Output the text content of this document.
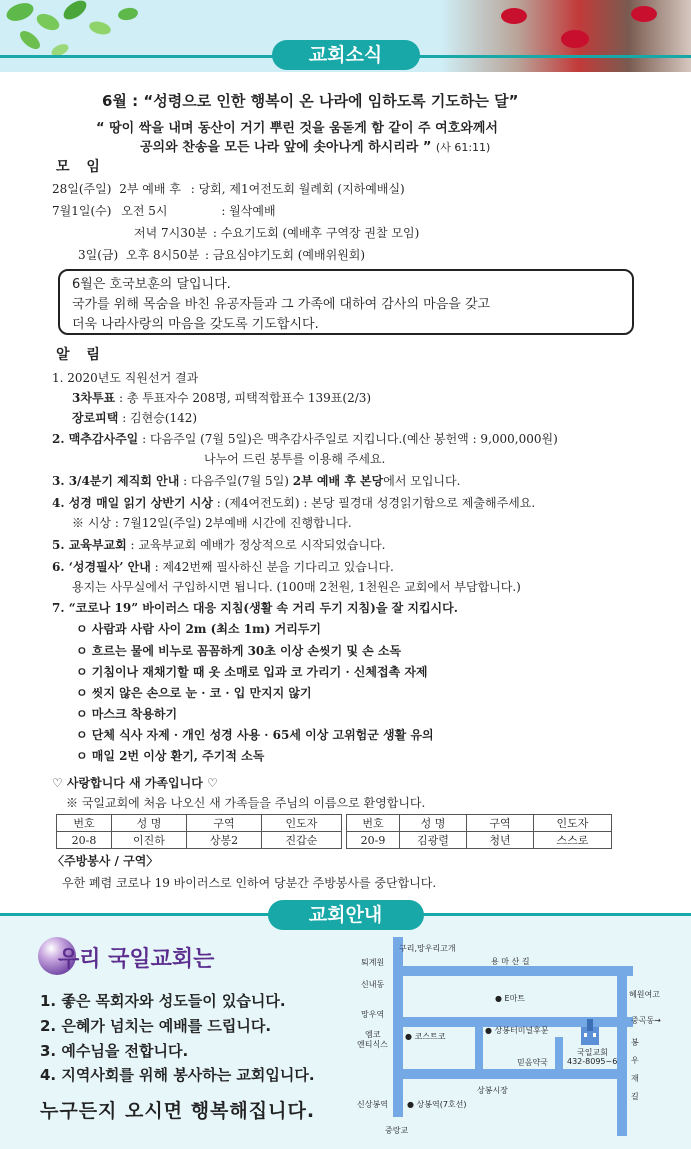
교회소식
6월 : “성령으로 인한 행복이 온 나라에 임하도록 기도하는 달”
“ 땅이 싹을 내며 동산이 거기 뿌린 것을 움돋게 함 같이 주 여호와께서
공의와 찬송을 모든 나라 앞에 솟아나게 하시리라 ” (사 61:11)
모 임
28일(주일) 2부 예배 후 : 당회, 제1여전도회 월례회 (지하예배실)
7월1일(수) 오전 5시	: 월삭예배
저녁 7시30분 : 수요기도회 (예배후 구역장 권찰 모임)
3일(금) 오후 8시50분 : 금요심야기도회 (예배위원회)
6월은 호국보훈의 달입니다.
국가를 위해 목숨을 바친 유공자들과 그 가족에 대하여 감사의 마음을 갖고
더욱 나라사랑의 마음을 갖도록 기도합시다.
알 림
1. 2020년도 직원선거 결과
3차투표 : 총 투표자수 208명, 피택적합표수 139표(2/3)
장로피택 : 김현승(142)
2. 맥추감사주일 : 다음주일 (7월 5일)은 맥추감사주일로 지킵니다.(예산 봉헌액 : 9,000,000원)
나누어 드린 봉투를 이용해 주세요.
3. 3/4분기 제직회 안내 : 다음주일(7월 5일) 2부 예배 후 본당에서 모입니다.
4. 성경 매일 읽기 상반기 시상 : (제4여전도회) : 본당 필경대 성경읽기함으로 제출해주세요.
※ 시상 : 7월12일(주일) 2부예배 시간에 진행합니다.
5. 교육부교회 : 교육부교회 예배가 정상적으로 시작되었습니다.
6. ‘성경필사’ 안내 : 제42번째 필사하신 분을 기다리고 있습니다.
용지는 사무실에서 구입하시면 됩니다. (100매 2천원, 1천원은 교회에서 부담합니다.)
7. “코로나 19” 바이러스 대응 지침(생활 속 거리 두기 지침)을 잘 지킵시다.
ㅇ 사람과 사람 사이 2m (최소 1m) 거리두기
ㅇ 흐르는 물에 비누로 꼼꼼하게 30초 이상 손씻기 및 손 소독
ㅇ 기침이나 재채기할 때 옷 소매로 입과 코 가리기 · 신체접촉 자제
ㅇ 씻지 않은 손으로 눈 · 코 · 입 만지지 않기
ㅇ 마스크 착용하기
ㅇ 단체 식사 자제 · 개인 성경 사용 · 65세 이상 고위험군 생활 유의
ㅇ 매일 2번 이상 환기, 주기적 소독
♡ 사랑합니다 새 가족입니다 ♡
※ 국일교회에 처음 나오신 새 가족들을 주님의 이름으로 환영합니다.
번호	성 명	구역	인도자
20-8	이진하	상봉2	진갑순
번호	성 명	구역	인도자
20-9	김광렬	청년	스스로
〈주방봉사 / 구역〉
우한 폐렴 코로나 19 바이러스로 인하여 당분간 주방봉사를 중단합니다.
교회안내
우리 국일교회는
1. 좋은 목회자와 성도들이 있습니다.
2. 은혜가 넘치는 예배를 드립니다.
3. 예수님을 전합니다.
4. 지역사회를 위해 봉사하는 교회입니다.
누구든지 오시면 행복해집니다.
구리,망우리고개
용 마 산 길
퇴계원
신내동
● E마트	혜원여고
망우역
중곡동→
엠코
엔티식스
● 코스트코
● 상봉터미널후문
믿음약국
국일교회
432-8095~6
봉
우
재
길
상봉시장
신상봉역 ● 상봉역(7호선)
중랑교
